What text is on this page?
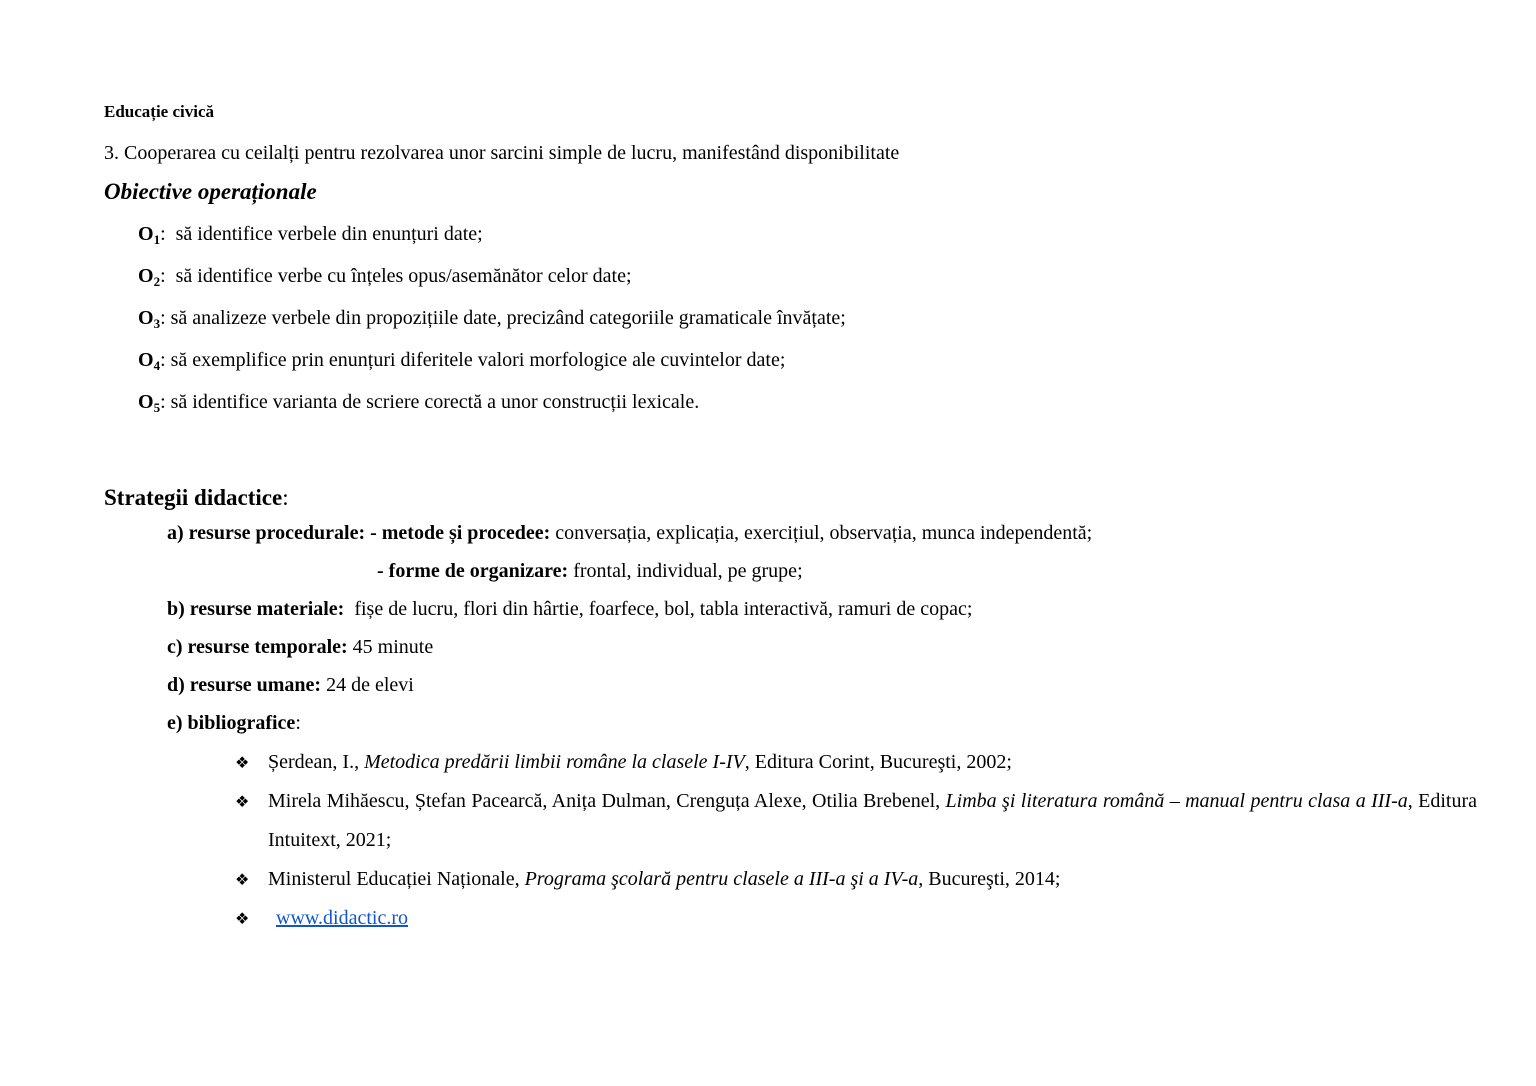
Educație civică
3. Cooperarea cu ceilalți pentru rezolvarea unor sarcini simple de lucru, manifestând disponibilitate
Obiective operaționale
$O_1$:  să identifice verbele din enunțuri date;
$O_2$:  să identifice verbe cu înțeles opus/asemănător celor date;
$O_3$: să analizeze verbele din propozițiile date, precizând categoriile gramaticale învățate;
$O_4$: să exemplifice prin enunțuri diferitele valori morfologice ale cuvintelor date;
$O_5$: să identifice varianta de scriere corectă a unor construcții lexicale.
Strategii didactice:
a) resurse procedurale: - metode și procedee: conversația, explicația, exercițiul, observația, munca independentă;
- forme de organizare: frontal, individual, pe grupe;
b) resurse materiale:  fișe de lucru, flori din hârtie, foarfece, bol, tabla interactivă, ramuri de copac;
c) resurse temporale: 45 minute
d) resurse umane: 24 de elevi
e) bibliografice:
❖ Șerdean, I., Metodica predării limbii române la clasele I-IV, Editura Corint, Bucureşti, 2002;
❖ Mirela Mihăescu, Ștefan Pacearcă, Anița Dulman, Crenguța Alexe, Otilia Brebenel, Limba şi literatura română – manual pentru clasa a III-a, Editura Intuitext, 2021;
❖ Ministerul Educației Naționale, Programa şcolară pentru clasele a III-a şi a IV-a, Bucureşti, 2014;
❖ www.didactic.ro
